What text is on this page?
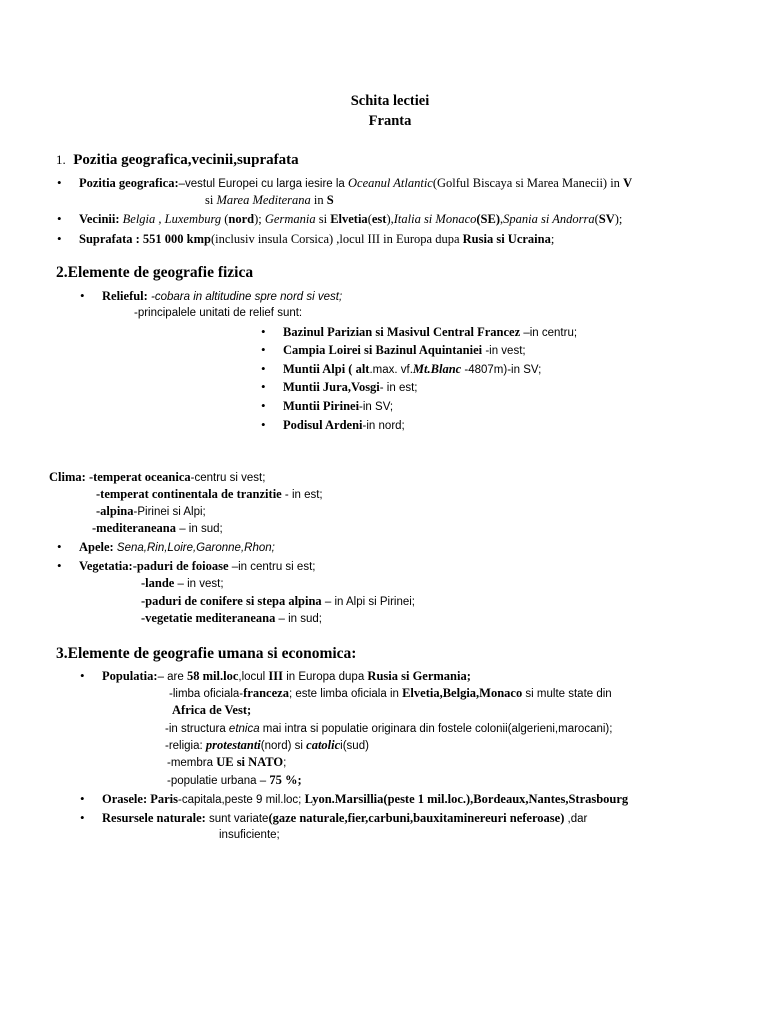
Schita lectiei
Franta
1. Pozitia geografica,vecinii,suprafata
• Pozitia geografica:–vestul Europei cu larga iesire la Oceanul Atlantic(Golful Biscaya si Marea Manecii) in V
si Marea Mediterana in S
• Vecinii: Belgia , Luxemburg (nord); Germania si Elvetia(est),Italia si Monaco(SE),Spania si Andorra(SV);
• Suprafata : 551 000 kmp(inclusiv insula Corsica) ,locul III in Europa dupa Rusia si Ucraina;
2.Elemente de geografie fizica
• Relieful: -cobara in altitudine spre nord si vest;
-principalele unitati de relief sunt:
• Bazinul Parizian si Masivul Central Francez –in centru;
• Campia Loirei si Bazinul Aquintaniei -in vest;
• Muntii Alpi ( alt.max. vf.Mt.Blanc -4807m)-in SV;
• Muntii Jura,Vosgi- in est;
• Muntii Pirinei-in SV;
• Podisul Ardeni-in nord;
Clima: -temperat oceanica-centru si vest;
-temperat continentala de tranzitie - in est;
-alpina-Pirinei si Alpi;
-mediteraneana – in sud;
• Apele: Sena,Rin,Loire,Garonne,Rhon;
• Vegetatia:-paduri de foioase –in centru si est;
-lande – in vest;
-paduri de conifere si stepa alpina – in Alpi si Pirinei;
-vegetatie mediteraneana – in sud;
3.Elemente de geografie umana si economica:
• Populatia:– are 58 mil.loc,locul III in Europa dupa Rusia si Germania;
-limba oficiala-franceza; este limba oficiala in Elvetia,Belgia,Monaco si multe state din
Africa de Vest;
-in structura etnica mai intra si populatie originara din fostele colonii(algerieni,marocani);
-religia: protestanti(nord) si catolici(sud)
-membra UE si NATO;
-populatie urbana – 75 %;
• Orasele: Paris-capitala,peste 9 mil.loc; Lyon.Marsillia(peste 1 mil.loc.),Bordeaux,Nantes,Strasbourg
• Resursele naturale: sunt variate(gaze naturale,fier,carbuni,bauxitaminereuri neferoase) ,dar
insuficiente;
